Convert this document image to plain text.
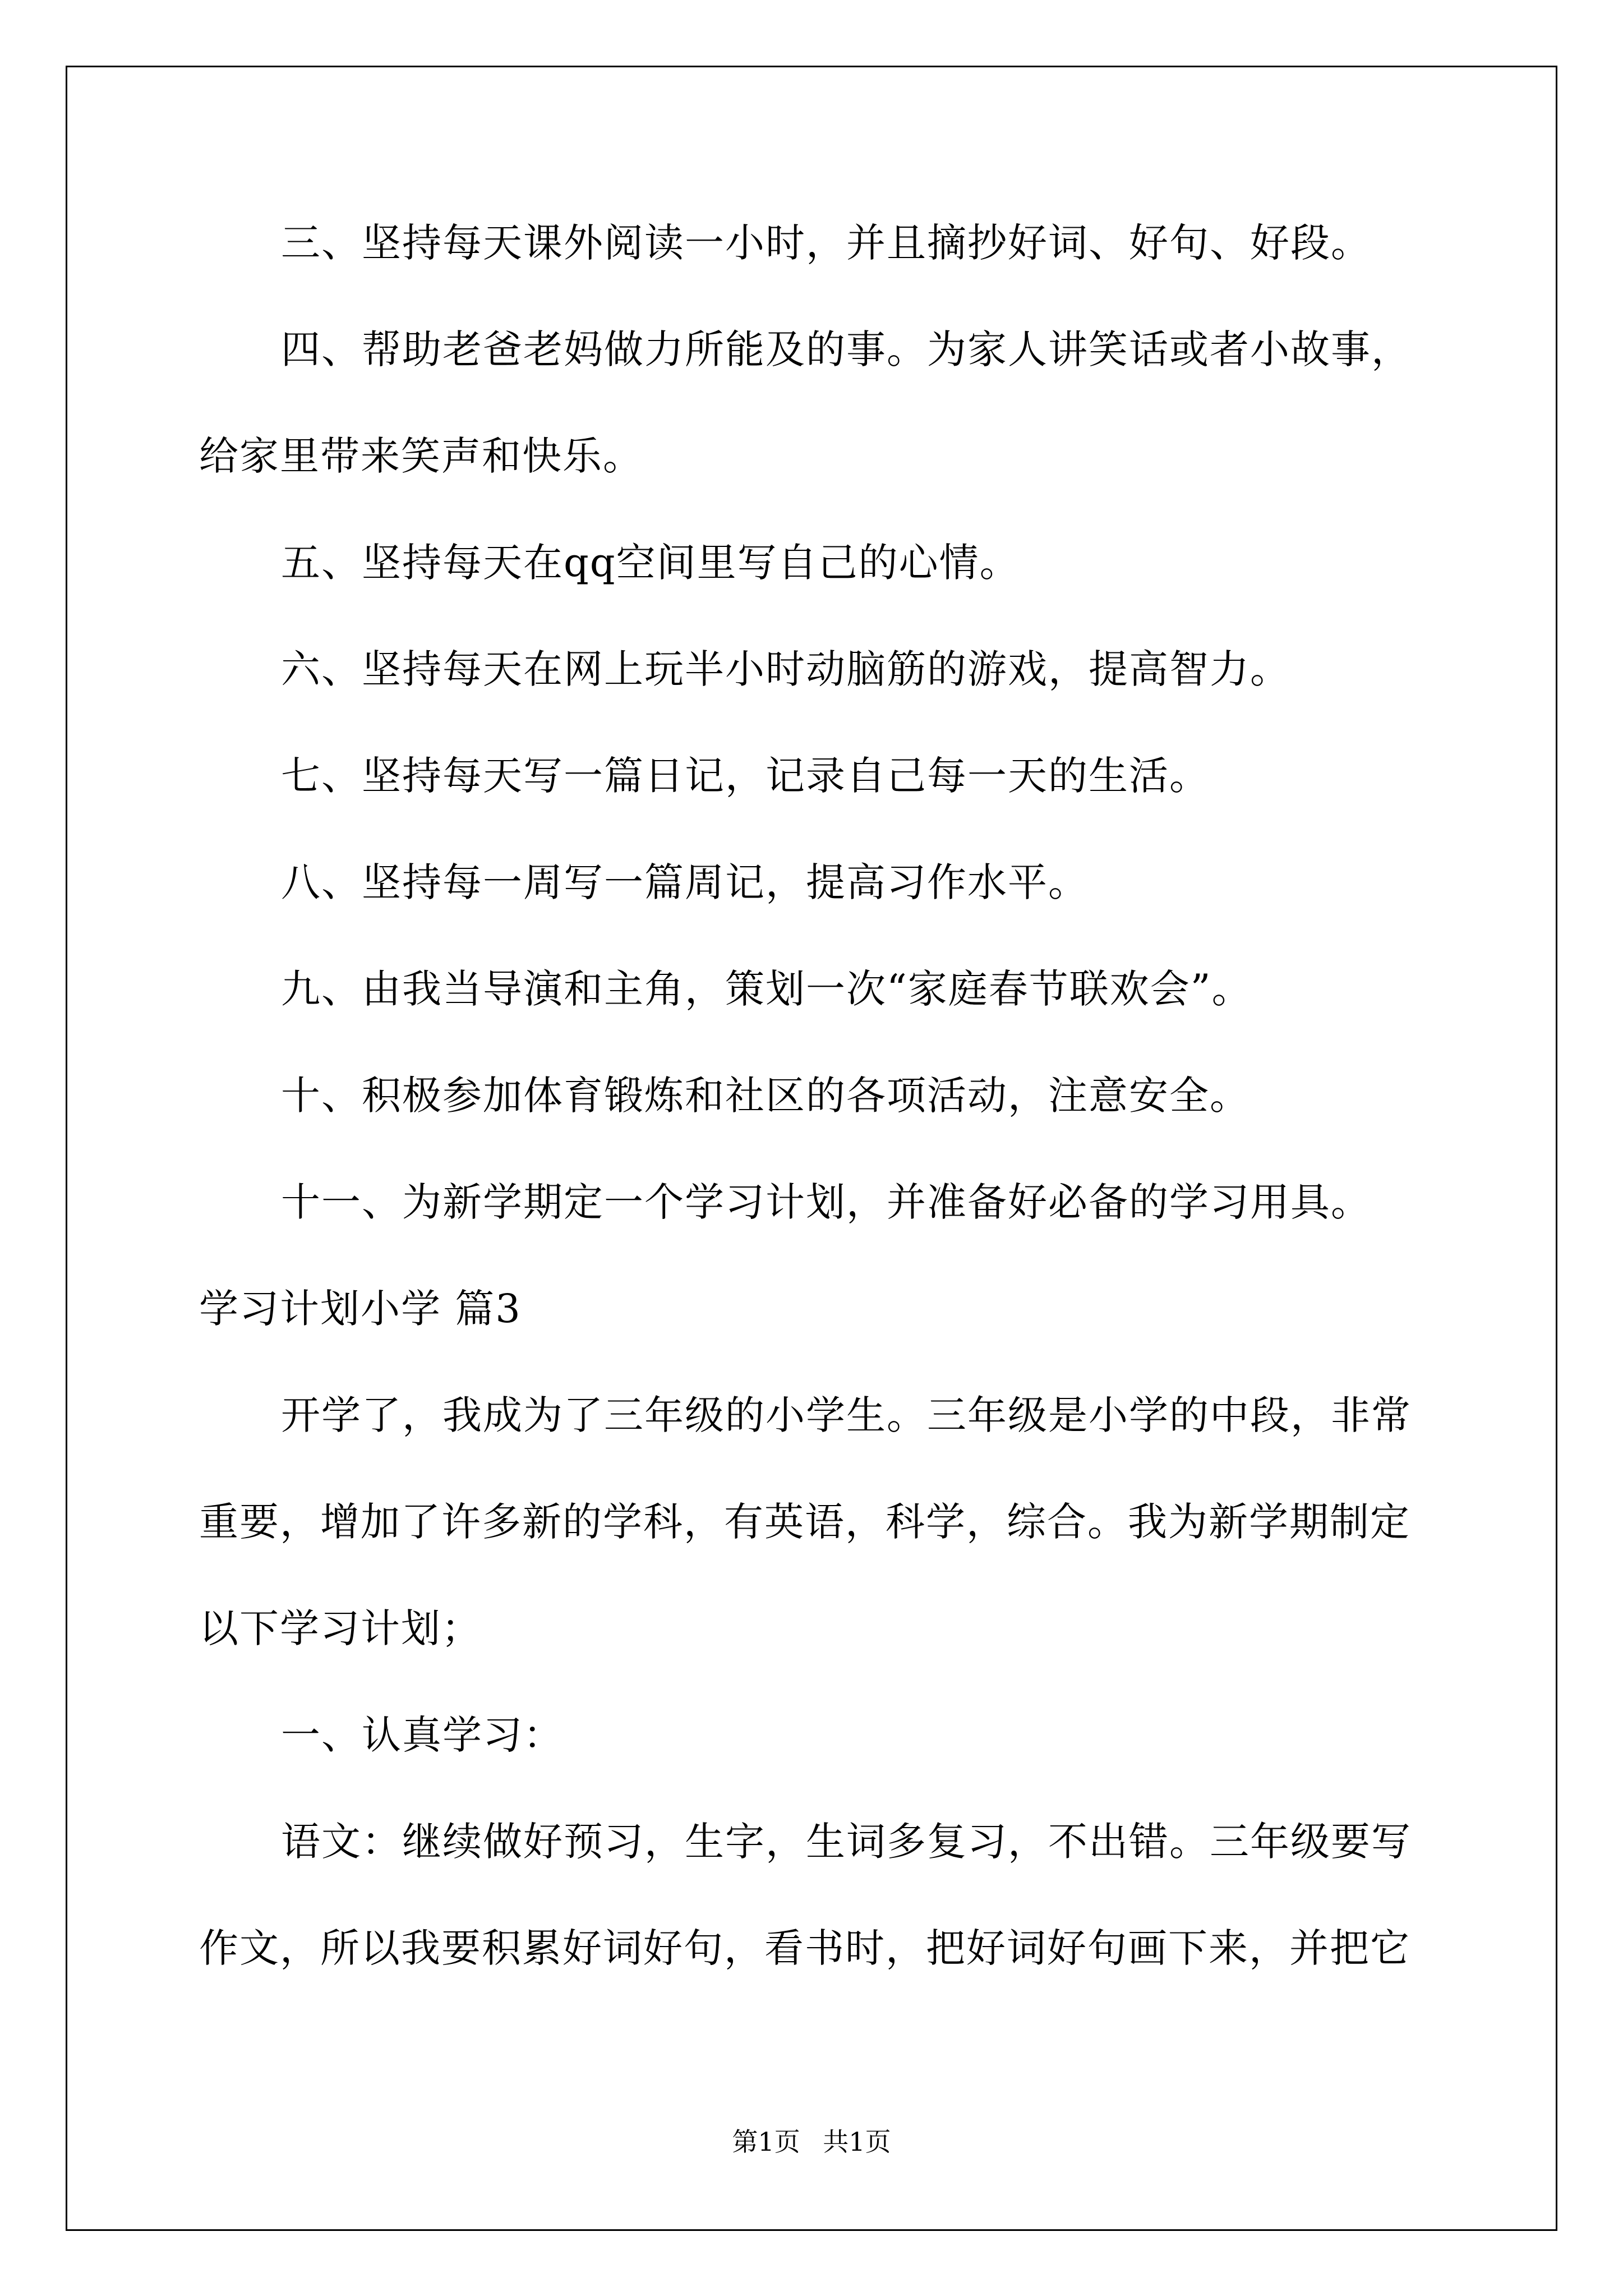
三、坚持每天课外阅读一小时，并且摘抄好词、好句、好段。
四、帮助老爸老妈做力所能及的事。为家人讲笑话或者小故事，
给家里带来笑声和快乐。
五、坚持每天在qq空间里写自己的心情。
六、坚持每天在网上玩半小时动脑筋的游戏，提高智力。
七、坚持每天写一篇日记，记录自己每一天的生活。
八、坚持每一周写一篇周记，提高习作水平。
九、由我当导演和主角，策划一次“家庭春节联欢会”。
十、积极参加体育锻炼和社区的各项活动，注意安全。
十一、为新学期定一个学习计划，并准备好必备的学习用具。
学习计划小学 篇3
开学了，我成为了三年级的小学生。三年级是小学的中段，非常
重要，增加了许多新的学科，有英语，科学，综合。我为新学期制定
以下学习计划；
一、认真学习：
语文：继续做好预习，生字，生词多复习，不出错。三年级要写
作文，所以我要积累好词好句，看书时，把好词好句画下来，并把它
第1页 共1页
